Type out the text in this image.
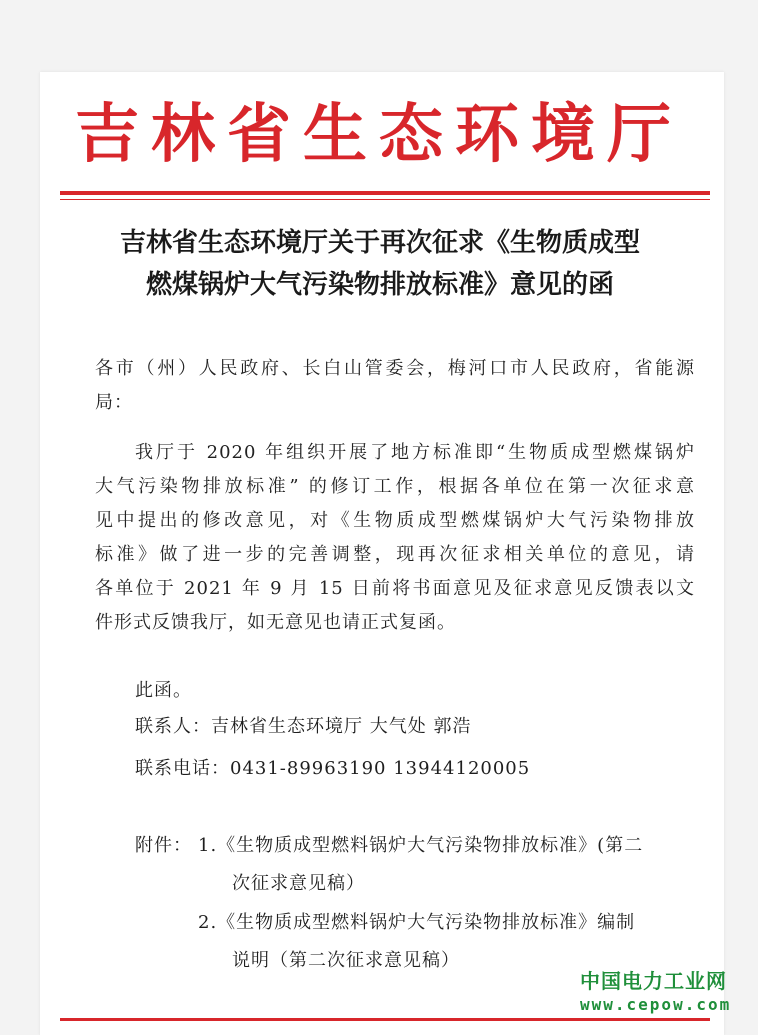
吉林省生态环境厅
吉林省生态环境厅关于再次征求《生物质成型
燃煤锅炉大气污染物排放标准》意见的函
各市（州）人民政府、长白山管委会，梅河口市人民政府，省能源
局：
我厅于 2020 年组织开展了地方标准即“生物质成型燃煤锅炉
大气污染物排放标准” 的修订工作，根据各单位在第一次征求意
见中提出的修改意见，对《生物质成型燃煤锅炉大气污染物排放
标准》做了进一步的完善调整，现再次征求相关单位的意见，请
各单位于 2021 年 9 月 15 日前将书面意见及征求意见反馈表以文
件形式反馈我厅，如无意见也请正式复函。
此函。
联系人：吉林省生态环境厅 大气处 郭浩
联系电话：0431-89963190 13944120005
附件： 1.《生物质成型燃料锅炉大气污染物排放标准》(第二
次征求意见稿）
2.《生物质成型燃料锅炉大气污染物排放标准》编制
说明（第二次征求意见稿）
中国电力工业网
www.cepow.com
